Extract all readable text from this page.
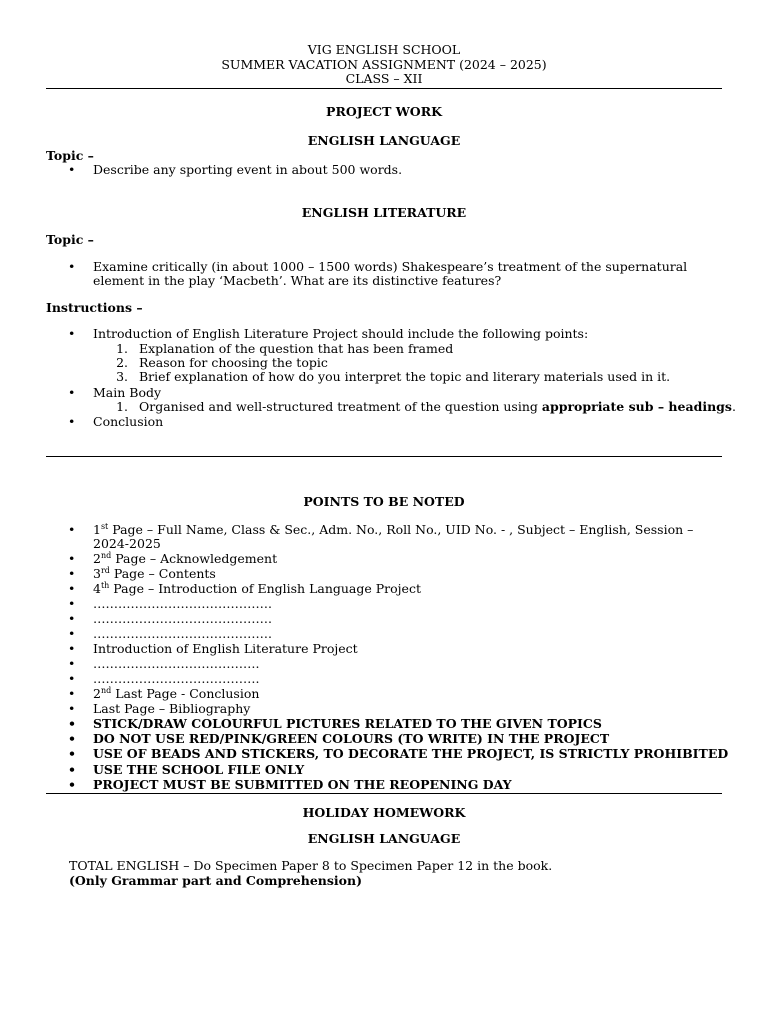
VIG ENGLISH SCHOOL
SUMMER VACATION ASSIGNMENT (2024 – 2025)
CLASS – XII
PROJECT WORK
ENGLISH LANGUAGE
Topic –
• Describe any sporting event in about 500 words.
ENGLISH LITERATURE
Topic –
• Examine critically (in about 1000 – 1500 words) Shakespeare’s treatment of the supernatural
element in the play ‘Macbeth’. What are its distinctive features?
Instructions –
• Introduction of English Literature Project should include the following points:
1. Explanation of the question that has been framed
2. Reason for choosing the topic
3. Brief explanation of how do you interpret the topic and literary materials used in it.
• Main Body
1. Organised and well-structured treatment of the question using appropriate sub – headings.
• Conclusion
POINTS TO BE NOTED
• 1st Page – Full Name, Class & Sec., Adm. No., Roll No., UID No. - , Subject – English, Session –
2024-2025
• 2nd Page – Acknowledgement
• 3rd Page – Contents
• 4th Page – Introduction of English Language Project
• …………………………………….
• …………………………………….
• …………………………………….
• Introduction of English Literature Project
• ………………………………….
• ………………………………….
• 2nd Last Page - Conclusion
• Last Page – Bibliography
• STICK/DRAW COLOURFUL PICTURES RELATED TO THE GIVEN TOPICS
• DO NOT USE RED/PINK/GREEN COLOURS (TO WRITE) IN THE PROJECT
• USE OF BEADS AND STICKERS, TO DECORATE THE PROJECT, IS STRICTLY PROHIBITED
• USE THE SCHOOL FILE ONLY
• PROJECT MUST BE SUBMITTED ON THE REOPENING DAY
HOLIDAY HOMEWORK
ENGLISH LANGUAGE
TOTAL ENGLISH – Do Specimen Paper 8 to Specimen Paper 12 in the book.
(Only Grammar part and Comprehension)
